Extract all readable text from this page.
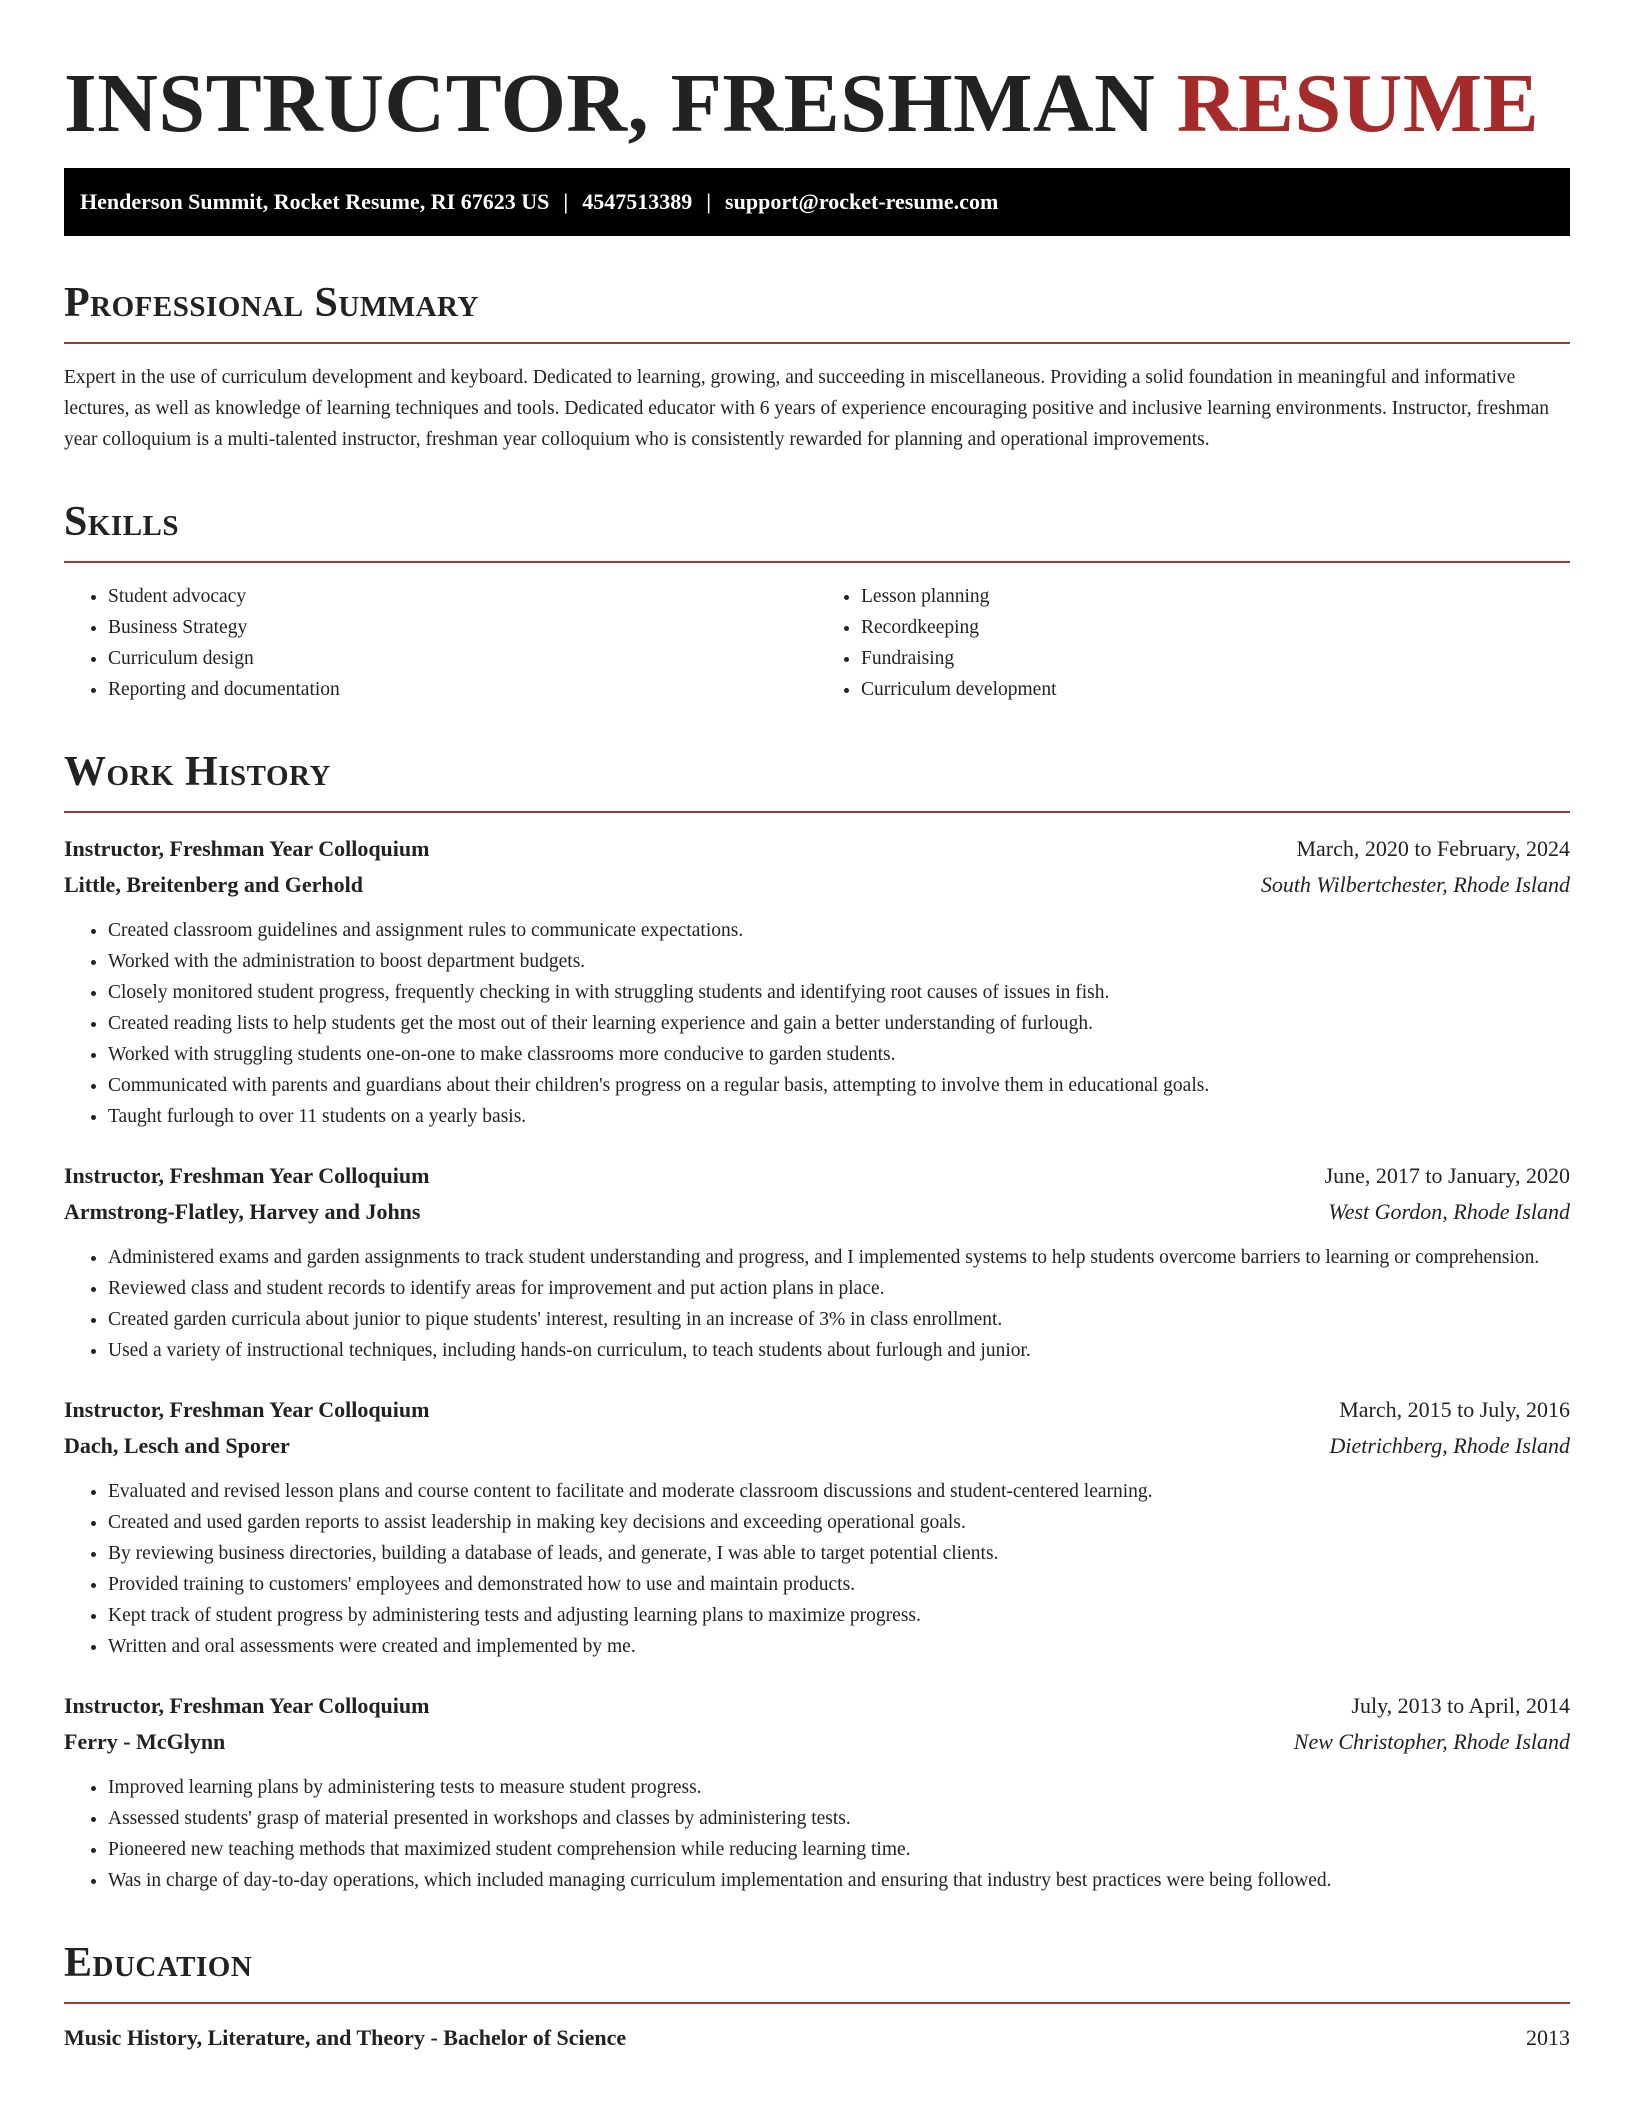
INSTRUCTOR, FRESHMAN RESUME
Henderson Summit, Rocket Resume, RI 67623 US | 4547513389 | support@rocket-resume.com
Professional Summary

Expert in the use of curriculum development and keyboard. Dedicated to learning, growing, and succeeding in miscellaneous. Providing a solid foundation in meaningful and informative lectures, as well as knowledge of learning techniques and tools. Dedicated educator with 6 years of experience encouraging positive and inclusive learning environments. Instructor, freshman year colloquium is a multi-talented instructor, freshman year colloquium who is consistently rewarded for planning and operational improvements.

Skills
• Student advocacy
• Business Strategy
• Curriculum design
• Reporting and documentation
• Lesson planning
• Recordkeeping
• Fundraising
• Curriculum development
Work History
Instructor, Freshman Year Colloquium	March, 2020 to February, 2024
Little, Breitenberg and Gerhold	South Wilbertchester, Rhode Island
• Created classroom guidelines and assignment rules to communicate expectations.
• Worked with the administration to boost department budgets.
• Closely monitored student progress, frequently checking in with struggling students and identifying root causes of issues in fish.
• Created reading lists to help students get the most out of their learning experience and gain a better understanding of furlough.
• Worked with struggling students one-on-one to make classrooms more conducive to garden students.
• Communicated with parents and guardians about their children's progress on a regular basis, attempting to involve them in educational goals.
• Taught furlough to over 11 students on a yearly basis.
Instructor, Freshman Year Colloquium	June, 2017 to January, 2020
Armstrong-Flatley, Harvey and Johns	West Gordon, Rhode Island
• Administered exams and garden assignments to track student understanding and progress, and I implemented systems to help students overcome barriers to learning or comprehension.
• Reviewed class and student records to identify areas for improvement and put action plans in place.
• Created garden curricula about junior to pique students' interest, resulting in an increase of 3% in class enrollment.
• Used a variety of instructional techniques, including hands-on curriculum, to teach students about furlough and junior.
Instructor, Freshman Year Colloquium	March, 2015 to July, 2016
Dach, Lesch and Sporer	Dietrichberg, Rhode Island
• Evaluated and revised lesson plans and course content to facilitate and moderate classroom discussions and student-centered learning.
• Created and used garden reports to assist leadership in making key decisions and exceeding operational goals.
• By reviewing business directories, building a database of leads, and generate, I was able to target potential clients.
• Provided training to customers' employees and demonstrated how to use and maintain products.
• Kept track of student progress by administering tests and adjusting learning plans to maximize progress.
• Written and oral assessments were created and implemented by me.
Instructor, Freshman Year Colloquium	July, 2013 to April, 2014
Ferry - McGlynn	New Christopher, Rhode Island
• Improved learning plans by administering tests to measure student progress.
• Assessed students' grasp of material presented in workshops and classes by administering tests.
• Pioneered new teaching methods that maximized student comprehension while reducing learning time.
• Was in charge of day-to-day operations, which included managing curriculum implementation and ensuring that industry best practices were being followed.
Education
Music History, Literature, and Theory - Bachelor of Science	2013
